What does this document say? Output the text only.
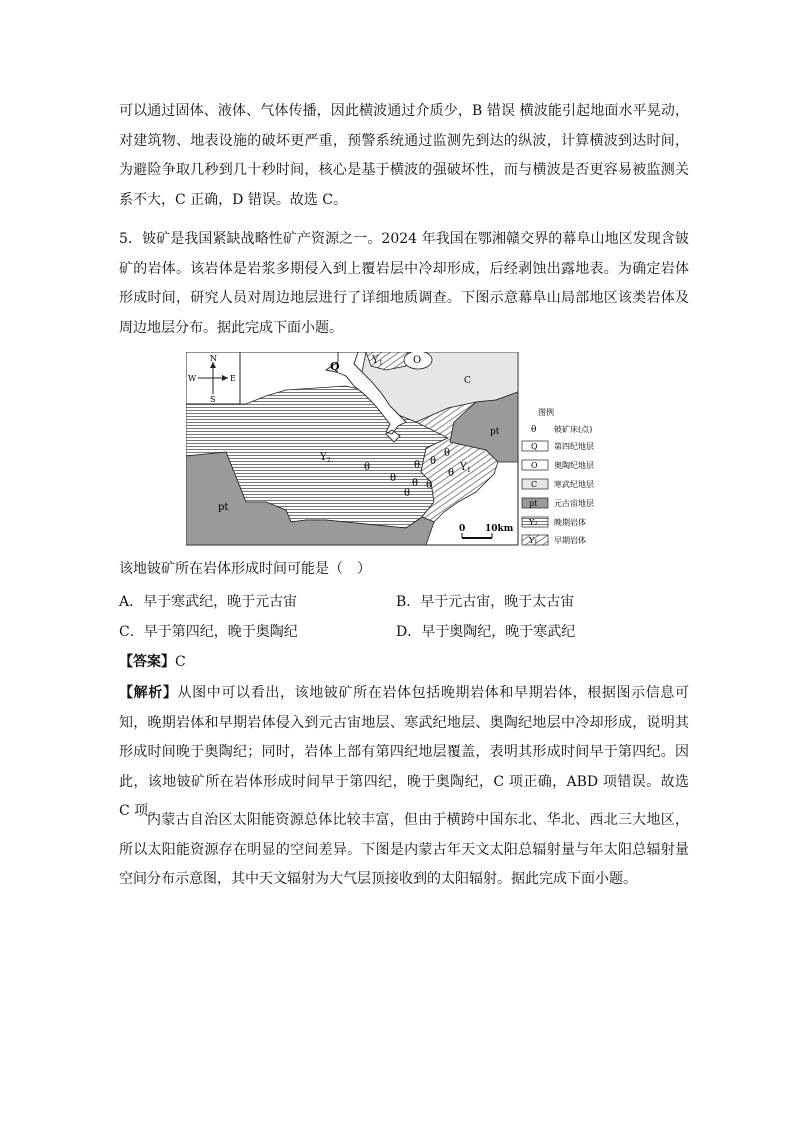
可以通过固体、液体、气体传播，因此横波通过介质少，B 错误 横波能引起地面水平晃动，对建筑物、地表设施的破坏更严重，预警系统通过监测先到达的纵波，计算横波到达时间，为避险争取几秒到几十秒时间，核心是基于横波的强破坏性，而与横波是否更容易被监测关系不大，C 正确，D 错误。故选 C。

5．铍矿是我国紧缺战略性矿产资源之一。2024 年我国在鄂湘赣交界的幕阜山地区发现含铍矿的岩体。该岩体是岩浆多期侵入到上覆岩层中冷却形成，后经剥蚀出露地表。为确定岩体形成时间，研究人员对周边地层进行了详细地质调查。下图示意幕阜山局部地区该类岩体及周边地层分布。据此完成下面小题。

N
S
W	E
Q	Y 1	O
C
pt
Y 2
Y 1
pt
θ
θ
θ θ
θ
θ
θ θ
θ
0 10km
图例
θ 铍矿床(点)
Q 第四纪地层
O 奥陶纪地层
C 寒武纪地层
pt 元古宙地层
Y₂ 晚期岩体
Y₁ 早期岩体

该地铍矿所在岩体形成时间可能是（　）

A．早于寒武纪，晚于元古宙	B．早于元古宙，晚于太古宙
C．早于第四纪，晚于奥陶纪	D．早于奥陶纪，晚于寒武纪

【答案】C

【解析】从图中可以看出，该地铍矿所在岩体包括晚期岩体和早期岩体，根据图示信息可知，晚期岩体和早期岩体侵入到元古宙地层、寒武纪地层、奥陶纪地层中冷却形成，说明其形成时间晚于奥陶纪；同时，岩体上部有第四纪地层覆盖，表明其形成时间早于第四纪。因此，该地铍矿所在岩体形成时间早于第四纪，晚于奥陶纪，C 项正确，ABD 项错误。故选 C 项。

内蒙古自治区太阳能资源总体比较丰富，但由于横跨中国东北、华北、西北三大地区，所以太阳能资源存在明显的空间差异。下图是内蒙古年天文太阳总辐射量与年太阳总辐射量空间分布示意图，其中天文辐射为大气层顶接收到的太阳辐射。据此完成下面小题。
